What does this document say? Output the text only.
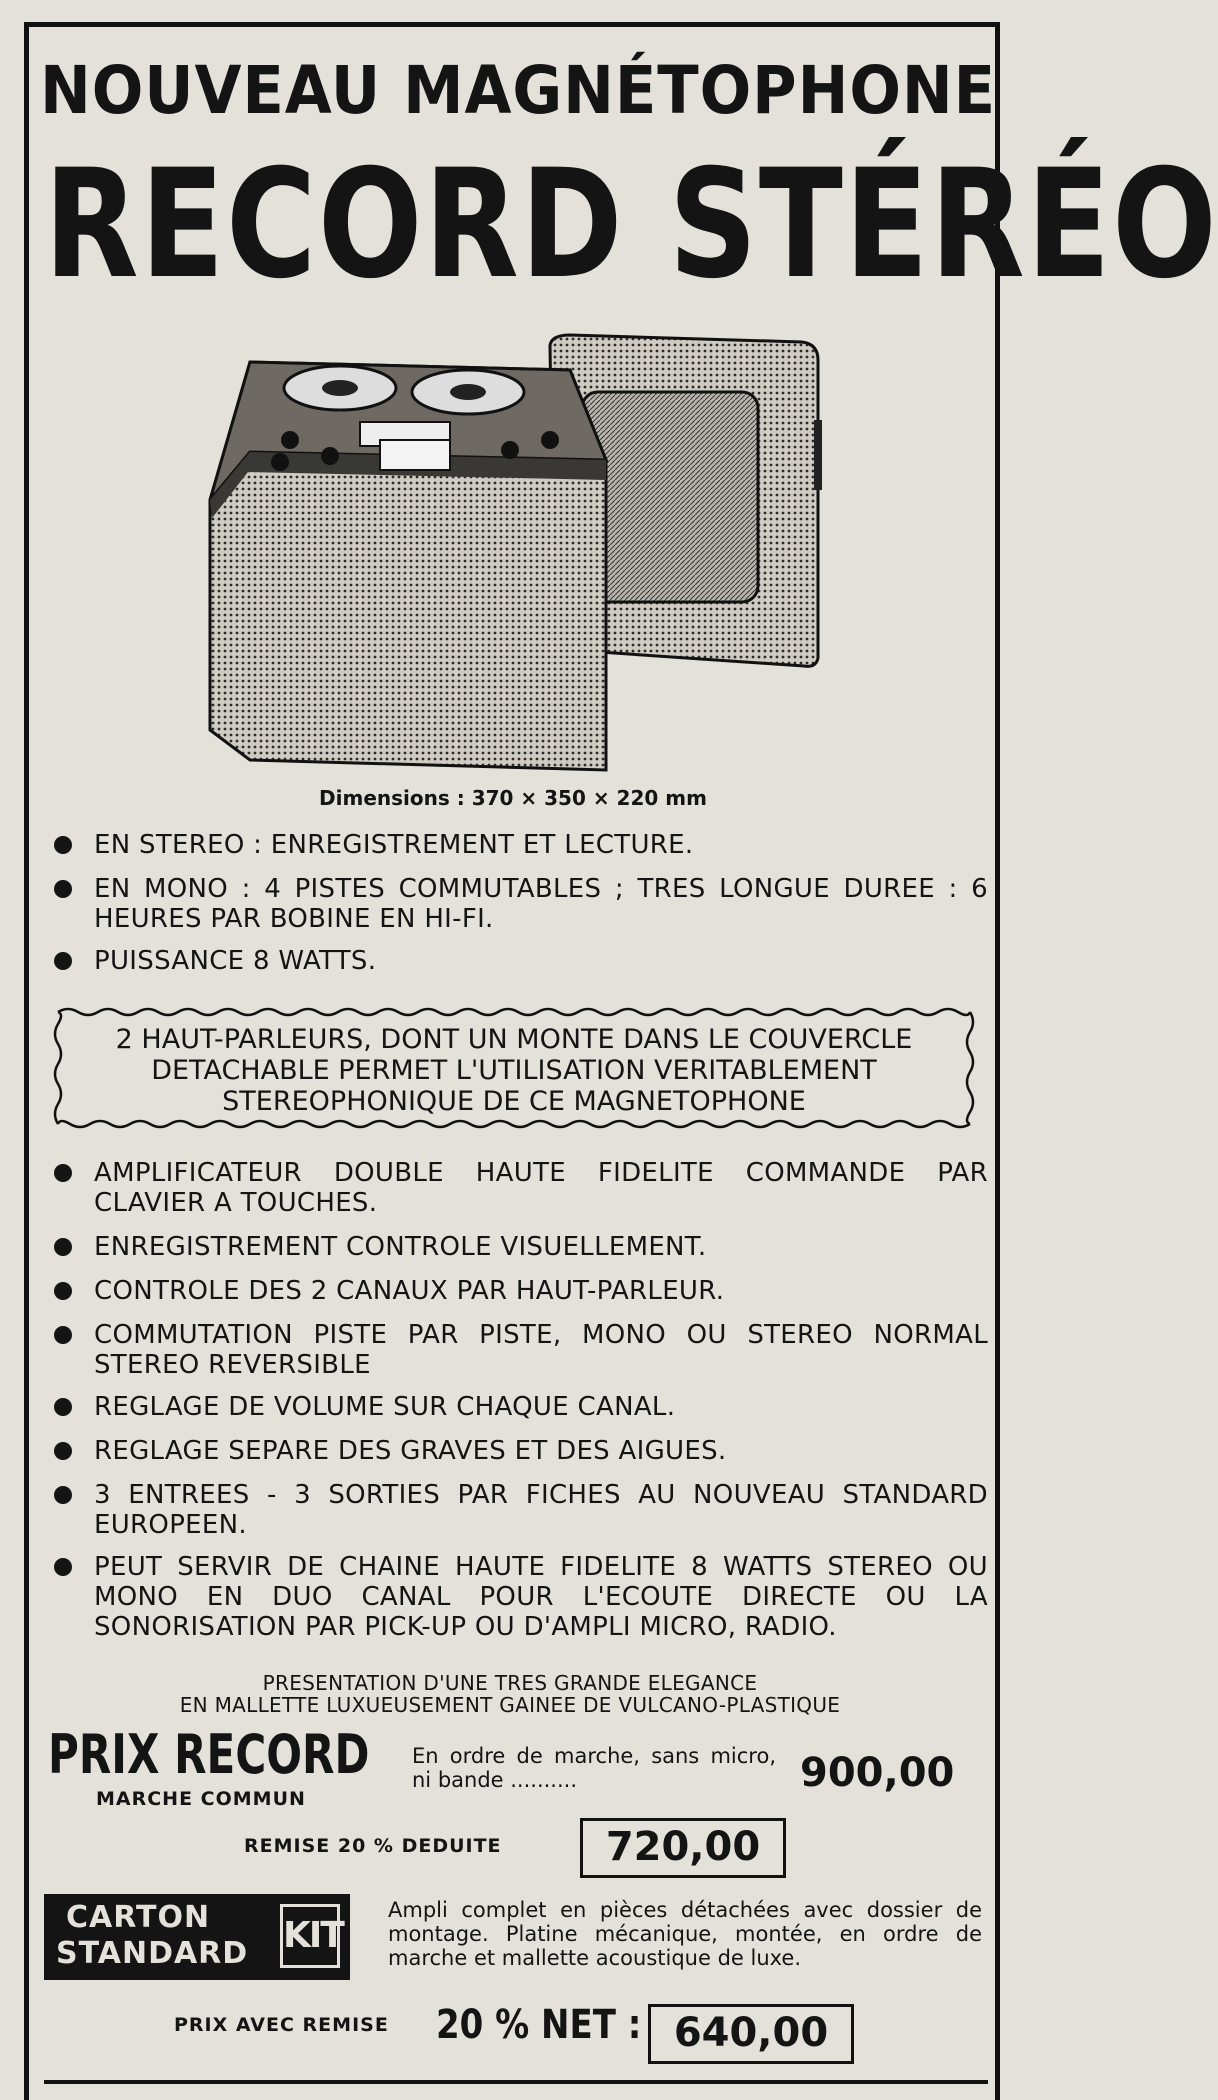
NOUVEAU MAGNÉTOPHONE
RECORD STÉRÉO
Dimensions : 370 × 350 × 220 mm
EN STEREO : ENREGISTREMENT ET LECTURE.
EN MONO : 4 PISTES COMMUTABLES ; TRES LONGUE DUREE : 6 HEURES PAR BOBINE EN HI-FI.
PUISSANCE 8 WATTS.
2 HAUT-PARLEURS, DONT UN MONTE DANS LE COUVERCLE DETACHABLE PERMET L'UTILISATION VERITABLEMENT STEREOPHONIQUE DE CE MAGNETOPHONE
AMPLIFICATEUR DOUBLE HAUTE FIDELITE COMMANDE PAR CLAVIER A TOUCHES.
ENREGISTREMENT CONTROLE VISUELLEMENT.
CONTROLE DES 2 CANAUX PAR HAUT-PARLEUR.
COMMUTATION PISTE PAR PISTE, MONO OU STEREO NORMAL STEREO REVERSIBLE
REGLAGE DE VOLUME SUR CHAQUE CANAL.
REGLAGE SEPARE DES GRAVES ET DES AIGUES.
3 ENTREES - 3 SORTIES PAR FICHES AU NOUVEAU STANDARD EUROPEEN.
PEUT SERVIR DE CHAINE HAUTE FIDELITE 8 WATTS STEREO OU MONO EN DUO CANAL POUR L'ECOUTE DIRECTE OU LA SONORISATION PAR PICK-UP OU D'AMPLI MICRO, RADIO.
PRESENTATION D'UNE TRES GRANDE ELEGANCE
EN MALLETTE LUXUEUSEMENT GAINEE DE VULCANO-PLASTIQUE
PRIX RECORD
MARCHE COMMUN
En ordre de marche, sans micro, ni bande ..........	900,00
REMISE 20 % DEDUITE	720,00
CARTON
STANDARD KIT
Ampli complet en pièces détachées avec dossier de montage. Platine mécanique, montée, en ordre de marche et mallette acoustique de luxe.
PRIX AVEC REMISE 20 % NET : 640,00
